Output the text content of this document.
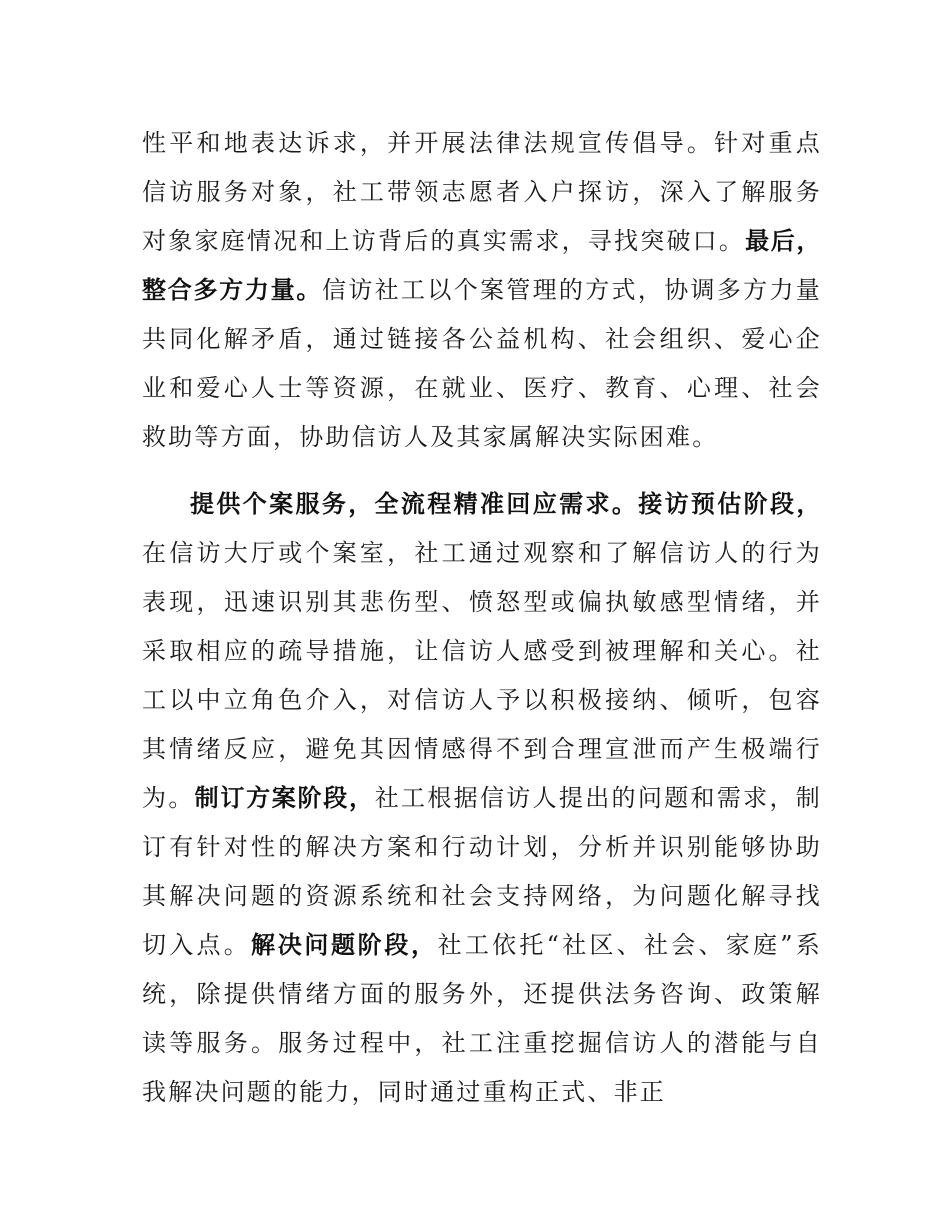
性平和地表达诉求，并开展法律法规宣传倡导。针对重点信访服务对象，社工带领志愿者入户探访，深入了解服务对象家庭情况和上访背后的真实需求，寻找突破口。最后，整合多方力量。信访社工以个案管理的方式，协调多方力量共同化解矛盾，通过链接各公益机构、社会组织、爱心企业和爱心人士等资源，在就业、医疗、教育、心理、社会救助等方面，协助信访人及其家属解决实际困难。

提供个案服务，全流程精准回应需求。接访预估阶段，在信访大厅或个案室，社工通过观察和了解信访人的行为表现，迅速识别其悲伤型、愤怒型或偏执敏感型情绪，并采取相应的疏导措施，让信访人感受到被理解和关心。社工以中立角色介入，对信访人予以积极接纳、倾听，包容其情绪反应，避免其因情感得不到合理宣泄而产生极端行为。制订方案阶段，社工根据信访人提出的问题和需求，制订有针对性的解决方案和行动计划，分析并识别能够协助其解决问题的资源系统和社会支持网络，为问题化解寻找切入点。解决问题阶段，社工依托“社区、社会、家庭”系统，除提供情绪方面的服务外，还提供法务咨询、政策解读等服务。服务过程中，社工注重挖掘信访人的潜能与自我解决问题的能力，同时通过重构正式、非正
